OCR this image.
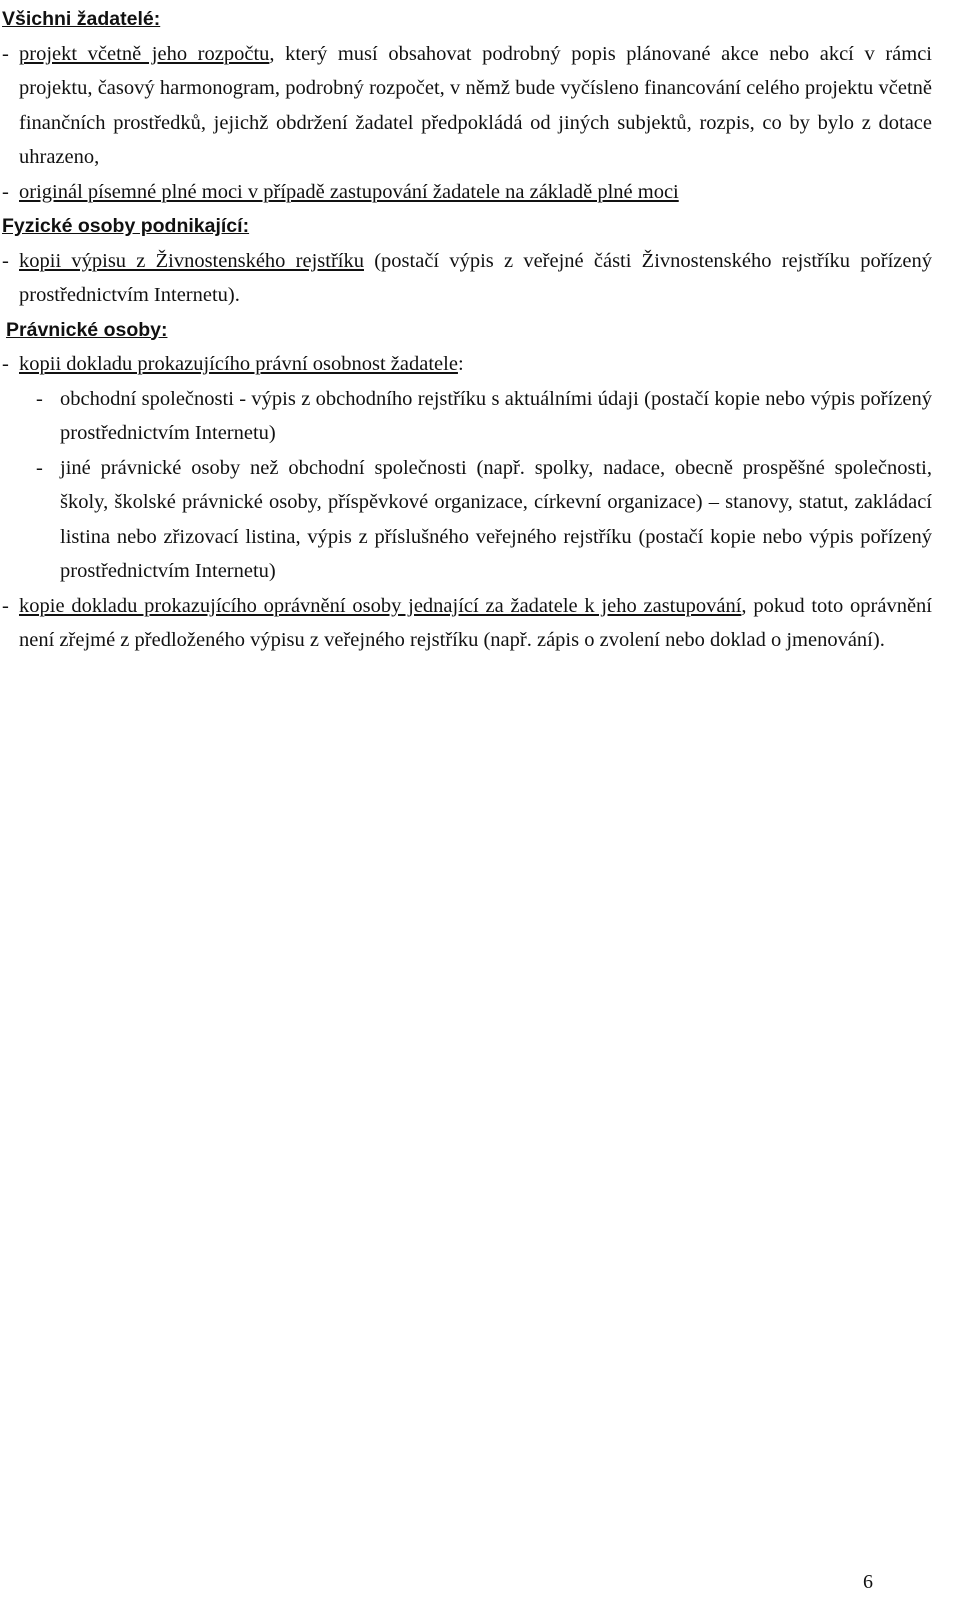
Všichni žadatelé:
- projekt včetně jeho rozpočtu, který musí obsahovat podrobný popis plánované akce nebo akcí v rámci projektu, časový harmonogram, podrobný rozpočet, v němž bude vyčísleno financování celého projektu včetně finančních prostředků, jejichž obdržení žadatel předpokládá od jiných subjektů, rozpis, co by bylo z dotace uhrazeno,
- originál písemné plné moci v případě zastupování žadatele na základě plné moci
Fyzické osoby podnikající:
- kopii výpisu z Živnostenského rejstříku (postačí výpis z veřejné části Živnostenského rejstříku pořízený prostřednictvím Internetu).
Právnické osoby:
- kopii dokladu prokazujícího právní osobnost žadatele:
- obchodní společnosti - výpis z obchodního rejstříku s aktuálními údaji (postačí kopie nebo výpis pořízený prostřednictvím Internetu)
- jiné právnické osoby než obchodní společnosti (např. spolky, nadace, obecně prospěšné společnosti, školy, školské právnické osoby, příspěvkové organizace, církevní organizace) – stanovy, statut, zakládací listina nebo zřizovací listina, výpis z příslušného veřejného rejstříku (postačí kopie nebo výpis pořízený prostřednictvím Internetu)
- kopie dokladu prokazujícího oprávnění osoby jednající za žadatele k jeho zastupování, pokud toto oprávnění není zřejmé z předloženého výpisu z veřejného rejstříku (např. zápis o zvolení nebo doklad o jmenování).
6
